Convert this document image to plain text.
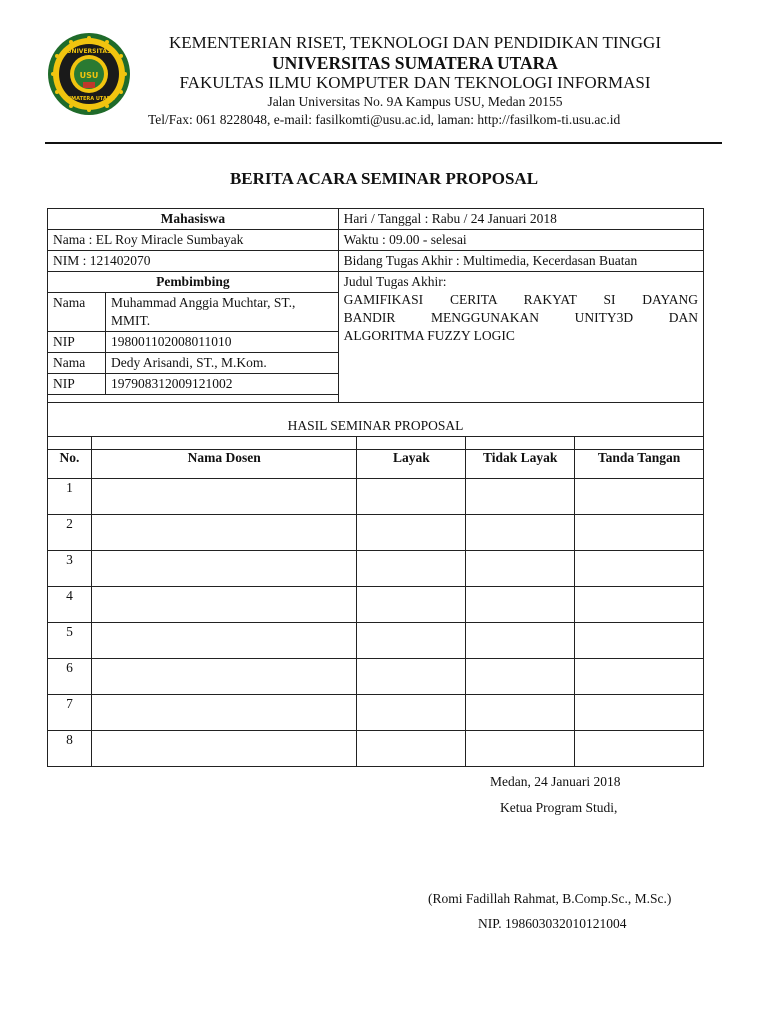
UNIVERSITAS
SUMATERA UTARA
USU
KEMENTERIAN RISET, TEKNOLOGI DAN PENDIDIKAN TINGGI
UNIVERSITAS SUMATERA UTARA
FAKULTAS ILMU KOMPUTER DAN TEKNOLOGI INFORMASI
Jalan Universitas No. 9A Kampus USU, Medan 20155
Tel/Fax: 061 8228048, e-mail: fasilkomti@usu.ac.id, laman: http://fasilkom-ti.usu.ac.id
BERITA ACARA SEMINAR PROPOSAL
Mahasiswa		Hari / Tanggal : Rabu / 24 Januari 2018
Nama : EL Roy Miracle Sumbayak		Waktu : 09.00 - selesai
NIM : 121402070		Bidang Tugas Akhir : Multimedia, Kecerdasan Buatan
Pembimbing		Judul Tugas Akhir:
GAMIFIKASI CERITA RAKYAT SI DAYANG
BANDIR MENGGUNAKAN UNITY3D DAN
ALGORITMA FUZZY LOGIC

Nama	Muhammad Anggia Muchtar, ST., MMIT.	
NIP	198001102008011010	
Nama	Dedy Arisandi, ST., M.Kom.	
NIP	197908312009121002	

HASIL SEMINAR PROPOSAL		
No.	Nama Dosen	Layak	Tidak Layak	Tanda Tangan
1				
2				
3				
4				
5				
6				
7				
8				
Medan, 24 Januari 2018
Ketua Program Studi,
(Romi Fadillah Rahmat, B.Comp.Sc., M.Sc.)
NIP. 198603032010121004
